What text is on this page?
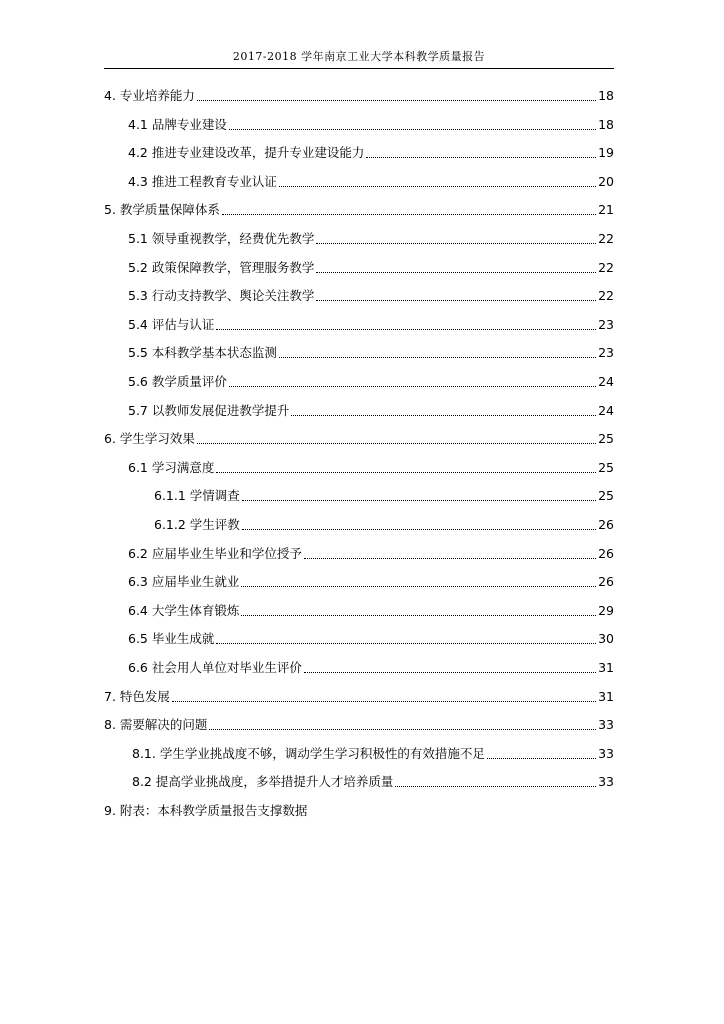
2017-2018 学年南京工业大学本科教学质量报告
4. 专业培养能力	18
4.1 品牌专业建设	18
4.2 推进专业建设改革，提升专业建设能力	19
4.3 推进工程教育专业认证	20
5. 教学质量保障体系	21
5.1 领导重视教学，经费优先教学	22
5.2 政策保障教学，管理服务教学	22
5.3 行动支持教学、舆论关注教学	22
5.4 评估与认证	23
5.5 本科教学基本状态监测	23
5.6 教学质量评价	24
5.7 以教师发展促进教学提升	24
6. 学生学习效果	25
6.1 学习满意度	25
6.1.1 学情调查	25
6.1.2 学生评教	26
6.2 应届毕业生毕业和学位授予	26
6.3 应届毕业生就业	26
6.4 大学生体育锻炼	29
6.5 毕业生成就	30
6.6 社会用人单位对毕业生评价	31
7. 特色发展	31
8. 需要解决的问题	33
8.1. 学生学业挑战度不够，调动学生学习积极性的有效措施不足	33
8.2 提高学业挑战度，多举措提升人才培养质量	33
9. 附表：本科教学质量报告支撑数据
